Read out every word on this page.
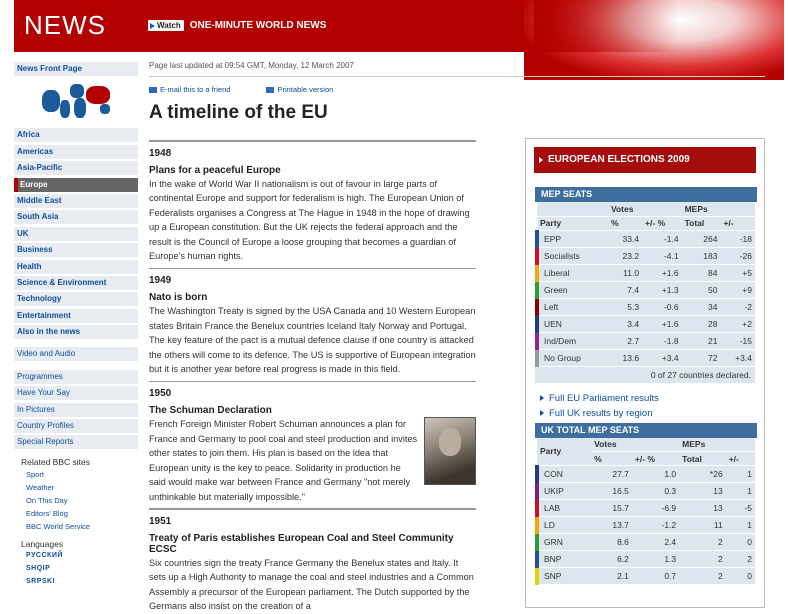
NEWS	Watch ONE-MINUTE WORLD NEWS
News Front Page
Africa
Americas
Asia-Pacific
Europe
Middle East
South Asia
UK
Business
Health
Science & Environment
Technology
Entertainment
Also in the news
Video and Audio
Programmes
Have Your Say
In Pictures
Country Profiles
Special Reports
Related BBC sites
Sport
Weather
On This Day
Editors' Blog
BBC World Service
Languages
РУССКИЙ
SHQIP
SRPSKI
Page last updated at 09:54 GMT, Monday, 12 March 2007
E-mail this to a friend	Printable version
A timeline of the EU
1948
Plans for a peaceful Europe
In the wake of World War II nationalism is out of favour in large parts of continental Europe and support for federalism is high. The European Union of Federalists organises a Congress at The Hague in 1948 in the hope of drawing up a European constitution. But the UK rejects the federal approach and the result is the Council of Europe a loose grouping that becomes a guardian of Europe's human rights.
1949
Nato is born
The Washington Treaty is signed by the USA Canada and 10 Western European states Britain France the Benelux countries Iceland Italy Norway and Portugal. The key feature of the pact is a mutual defence clause if one country is attacked the others will come to its defence. The US is supportive of European integration but it is another year before real progress is made in this field.
1950
The Schuman Declaration
French Foreign Minister Robert Schuman announces a plan for France and Germany to pool coal and steel production and invites other states to join them. His plan is based on the idea that European unity is the key to peace. Solidarity in production he said would make war between France and Germany "not merely unthinkable but materially impossible."
1951
Treaty of Paris establishes European Coal and Steel Community ECSC
Six countries sign the treaty France Germany the Benelux states and Italy. It sets up a High Authority to manage the coal and steel industries and a Common Assembly a precursor of the European parliament. The Dutch supported by the Germans also insist on the creation of a
EUROPEAN ELECTIONS 2009
MEP SEATS
	Votes		MEPs	
Party	%	+/- %	Total	+/-
EPP	33.4	-1.4	264	-18
Socialists	23.2	-4.1	183	-26
Liberal	11.0	+1.6	84	+5
Green	7.4	+1.3	50	+9
Left	5.3	-0.6	34	-2
UEN	3.4	+1.6	28	+2
Ind/Dem	2.7	-1.8	21	-15
No Group	13.6	+3.4	72	+3.4
0 of 27 countries declared.
Full EU Parliament results
Full UK results by region
UK TOTAL MEP SEATS
Party	Votes		MEPs	
	%	+/- %	Total	+/-
CON	27.7	1.0	*26	1
UKIP	16.5	0.3	13	1
LAB	15.7	-6.9	13	-5
LD	13.7	-1.2	11	1
GRN	8.6	2.4	2	0
BNP	6.2	1.3	2	2
SNP	2.1	0.7	2	0
